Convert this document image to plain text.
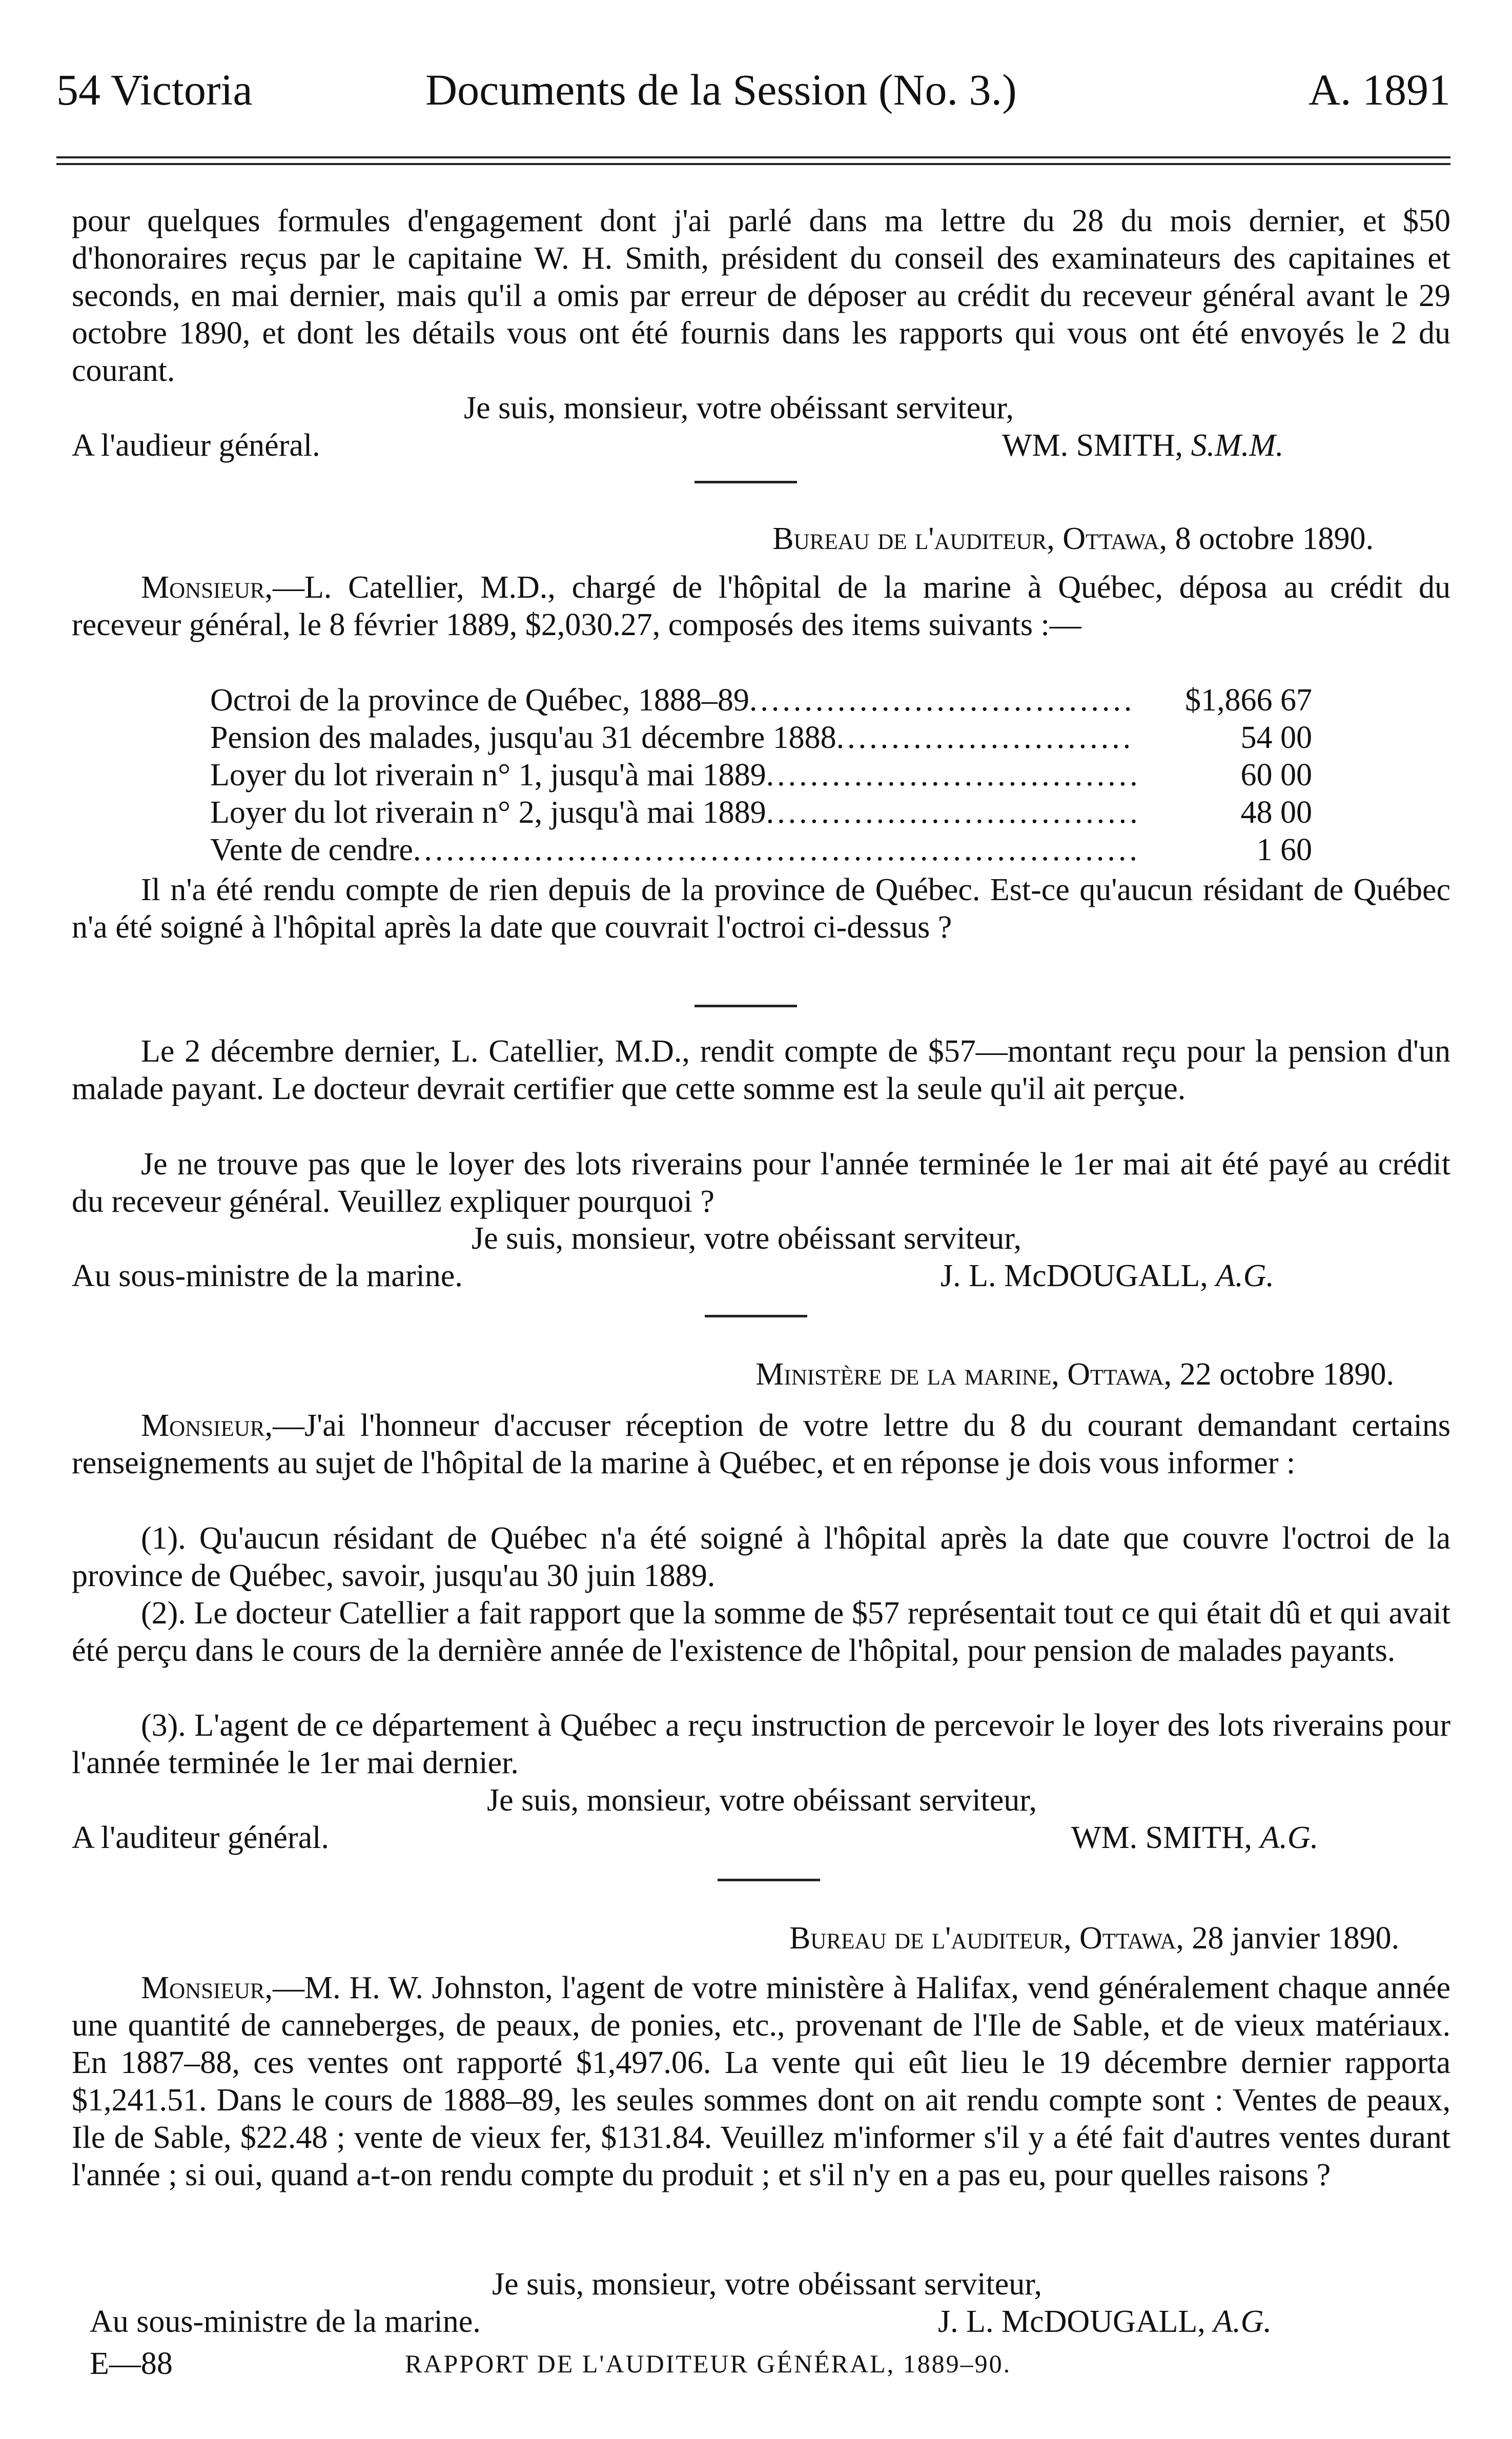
54 Victoria	Documents de la Session (No. 3.)	A. 1891
pour quelques formules d'engagement dont j'ai parlé dans ma lettre du 28 du mois dernier, et $50 d'honoraires reçus par le capitaine W. H. Smith, président du conseil des examinateurs des capitaines et seconds, en mai dernier, mais qu'il a omis par erreur de déposer au crédit du receveur général avant le 29 octobre 1890, et dont les détails vous ont été fournis dans les rapports qui vous ont été envoyés le 2 du courant.
Je suis, monsieur, votre obéissant serviteur,
A l'audieur général.	WM. SMITH, S.M.M.
Bureau de l'auditeur, Ottawa, 8 octobre 1890.
Monsieur,—L. Catellier, M.D., chargé de l'hôpital de la marine à Québec, déposa au crédit du receveur général, le 8 février 1889, $2,030.27, composés des items suivants :—
Octroi de la province de Québec, 1888–89...................................	$1,866 67
Pension des malades, jusqu'au 31 décembre 1888...........................	54 00
Loyer du lot riverain n° 1, jusqu'à mai 1889..................................	60 00
Loyer du lot riverain n° 2, jusqu'à mai 1889..................................	48 00
Vente de cendre..................................................................	1 60
Il n'a été rendu compte de rien depuis de la province de Québec. Est-ce qu'aucun résidant de Québec n'a été soigné à l'hôpital après la date que couvrait l'octroi ci-dessus ?
Le 2 décembre dernier, L. Catellier, M.D., rendit compte de $57—montant reçu pour la pension d'un malade payant. Le docteur devrait certifier que cette somme est la seule qu'il ait perçue.
Je ne trouve pas que le loyer des lots riverains pour l'année terminée le 1er mai ait été payé au crédit du receveur général. Veuillez expliquer pourquoi ?
Je suis, monsieur, votre obéissant serviteur,
Au sous-ministre de la marine.	J. L. McDOUGALL, A.G.
Ministère de la marine, Ottawa, 22 octobre 1890.
Monsieur,—J'ai l'honneur d'accuser réception de votre lettre du 8 du courant demandant certains renseignements au sujet de l'hôpital de la marine à Québec, et en réponse je dois vous informer :
(1). Qu'aucun résidant de Québec n'a été soigné à l'hôpital après la date que couvre l'octroi de la province de Québec, savoir, jusqu'au 30 juin 1889.
(2). Le docteur Catellier a fait rapport que la somme de $57 représentait tout ce qui était dû et qui avait été perçu dans le cours de la dernière année de l'existence de l'hôpital, pour pension de malades payants.
(3). L'agent de ce département à Québec a reçu instruction de percevoir le loyer des lots riverains pour l'année terminée le 1er mai dernier.
Je suis, monsieur, votre obéissant serviteur,
A l'auditeur général.	WM. SMITH, A.G.
Bureau de l'auditeur, Ottawa, 28 janvier 1890.
Monsieur,—M. H. W. Johnston, l'agent de votre ministère à Halifax, vend généralement chaque année une quantité de canneberges, de peaux, de ponies, etc., provenant de l'Ile de Sable, et de vieux matériaux. En 1887–88, ces ventes ont rapporté $1,497.06. La vente qui eût lieu le 19 décembre dernier rapporta $1,241.51. Dans le cours de 1888–89, les seules sommes dont on ait rendu compte sont : Ventes de peaux, Ile de Sable, $22.48 ; vente de vieux fer, $131.84. Veuillez m'informer s'il y a été fait d'autres ventes durant l'année ; si oui, quand a-t-on rendu compte du produit ; et s'il n'y en a pas eu, pour quelles raisons ?
Je suis, monsieur, votre obéissant serviteur,
Au sous-ministre de la marine.	J. L. McDOUGALL, A.G.
E—88	RAPPORT DE L'AUDITEUR GÉNÉRAL, 1889–90.
